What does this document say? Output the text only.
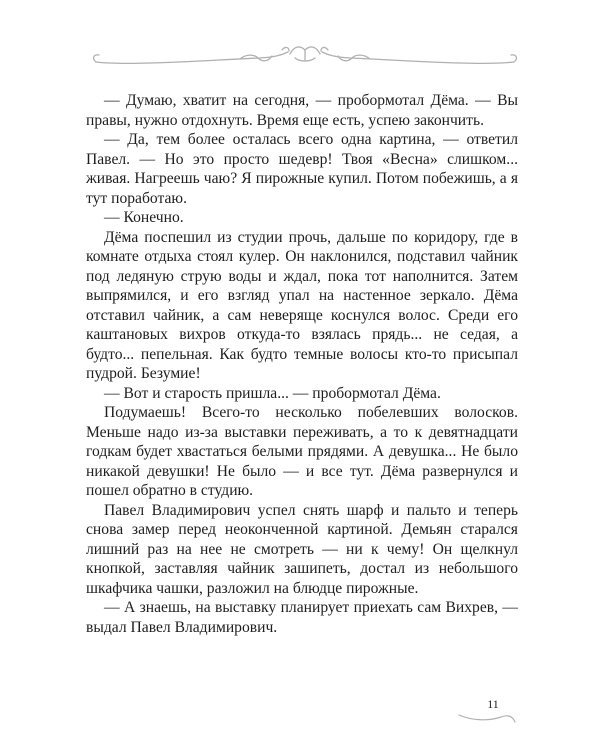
— Думаю, хватит на сегодня, — пробормотал Дёма. — Вы правы, нужно отдохнуть. Время еще есть, успею закончить.

— Да, тем более осталась всего одна картина, — ответил Павел. — Но это просто шедевр! Твоя «Весна» слишком... живая. Нагреешь чаю? Я пирожные купил. Потом побежишь, а я тут поработаю.

— Конечно.

Дёма поспешил из студии прочь, дальше по коридору, где в комнате отдыха стоял кулер. Он наклонился, подставил чайник под ледяную струю воды и ждал, пока тот наполнится. Затем выпрямился, и его взгляд упал на настенное зеркало. Дёма отставил чайник, а сам неверяще коснулся волос. Среди его каштановых вихров откуда-то взялась прядь... не седая, а будто... пепельная. Как будто темные волосы кто-то присыпал пудрой. Безумие!

— Вот и старость пришла... — пробормотал Дёма.

Подумаешь! Всего-то несколько побелевших волосков. Меньше надо из-за выставки переживать, а то к девятнадцати годкам будет хвастаться белыми прядями. А девушка... Не было никакой девушки! Не было — и все тут. Дёма развернулся и пошел обратно в студию.

Павел Владимирович успел снять шарф и пальто и теперь снова замер перед неоконченной картиной. Демьян старался лишний раз на нее не смотреть — ни к чему! Он щелкнул кнопкой, заставляя чайник зашипеть, достал из небольшого шкафчика чашки, разложил на блюдце пирожные.

— А знаешь, на выставку планирует приехать сам Вихрев, — выдал Павел Владимирович.

11
